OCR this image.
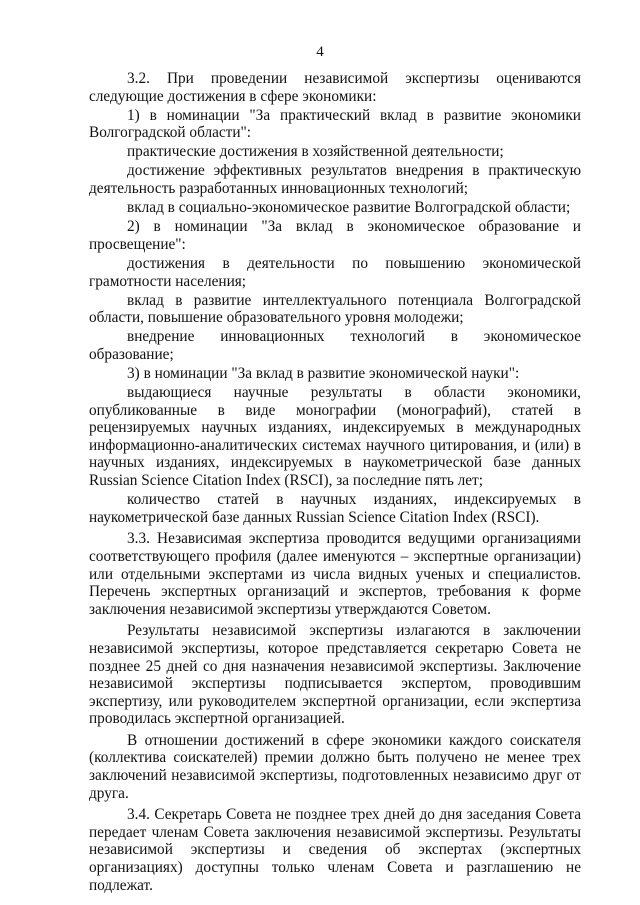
4

3.2. При проведении независимой экспертизы оцениваются следующие достижения в сфере экономики:

1) в номинации "За практический вклад в развитие экономики Волгоградской области":

практические достижения в хозяйственной деятельности;

достижение эффективных результатов внедрения в практическую деятельность разработанных инновационных технологий;

вклад в социально-экономическое развитие Волгоградской области;

2) в номинации "За вклад в экономическое образование и просвещение":

достижения в деятельности по повышению экономической грамотности населения;

вклад в развитие интеллектуального потенциала Волгоградской области, повышение образовательного уровня молодежи;

внедрение инновационных технологий в экономическое образование;

3) в номинации "За вклад в развитие экономической науки":

выдающиеся научные результаты в области экономики, опубликованные в виде монографии (монографий), статей в рецензируемых научных изданиях, индексируемых в международных информационно-аналитических системах научного цитирования, и (или) в научных изданиях, индексируемых в наукометрической базе данных Russian Science Citation Index (RSCI), за последние пять лет;

количество статей в научных изданиях, индексируемых в наукометрической базе данных Russian Science Citation Index (RSCI).

3.3. Независимая экспертиза проводится ведущими организациями соответствующего профиля (далее именуются – экспертные организации) или отдельными экспертами из числа видных ученых и специалистов. Перечень экспертных организаций и экспертов, требования к форме заключения независимой экспертизы утверждаются Советом.

Результаты независимой экспертизы излагаются в заключении независимой экспертизы, которое представляется секретарю Совета не позднее 25 дней со дня назначения независимой экспертизы. Заключение независимой экспертизы подписывается экспертом, проводившим экспертизу, или руководителем экспертной организации, если экспертиза проводилась экспертной организацией.

В отношении достижений в сфере экономики каждого соискателя (коллектива соискателей) премии должно быть получено не менее трех заключений независимой экспертизы, подготовленных независимо друг от друга.

3.4. Секретарь Совета не позднее трех дней до дня заседания Совета передает членам Совета заключения независимой экспертизы. Результаты независимой экспертизы и сведения об экспертах (экспертных организациях) доступны только членам Совета и разглашению не подлежат.
